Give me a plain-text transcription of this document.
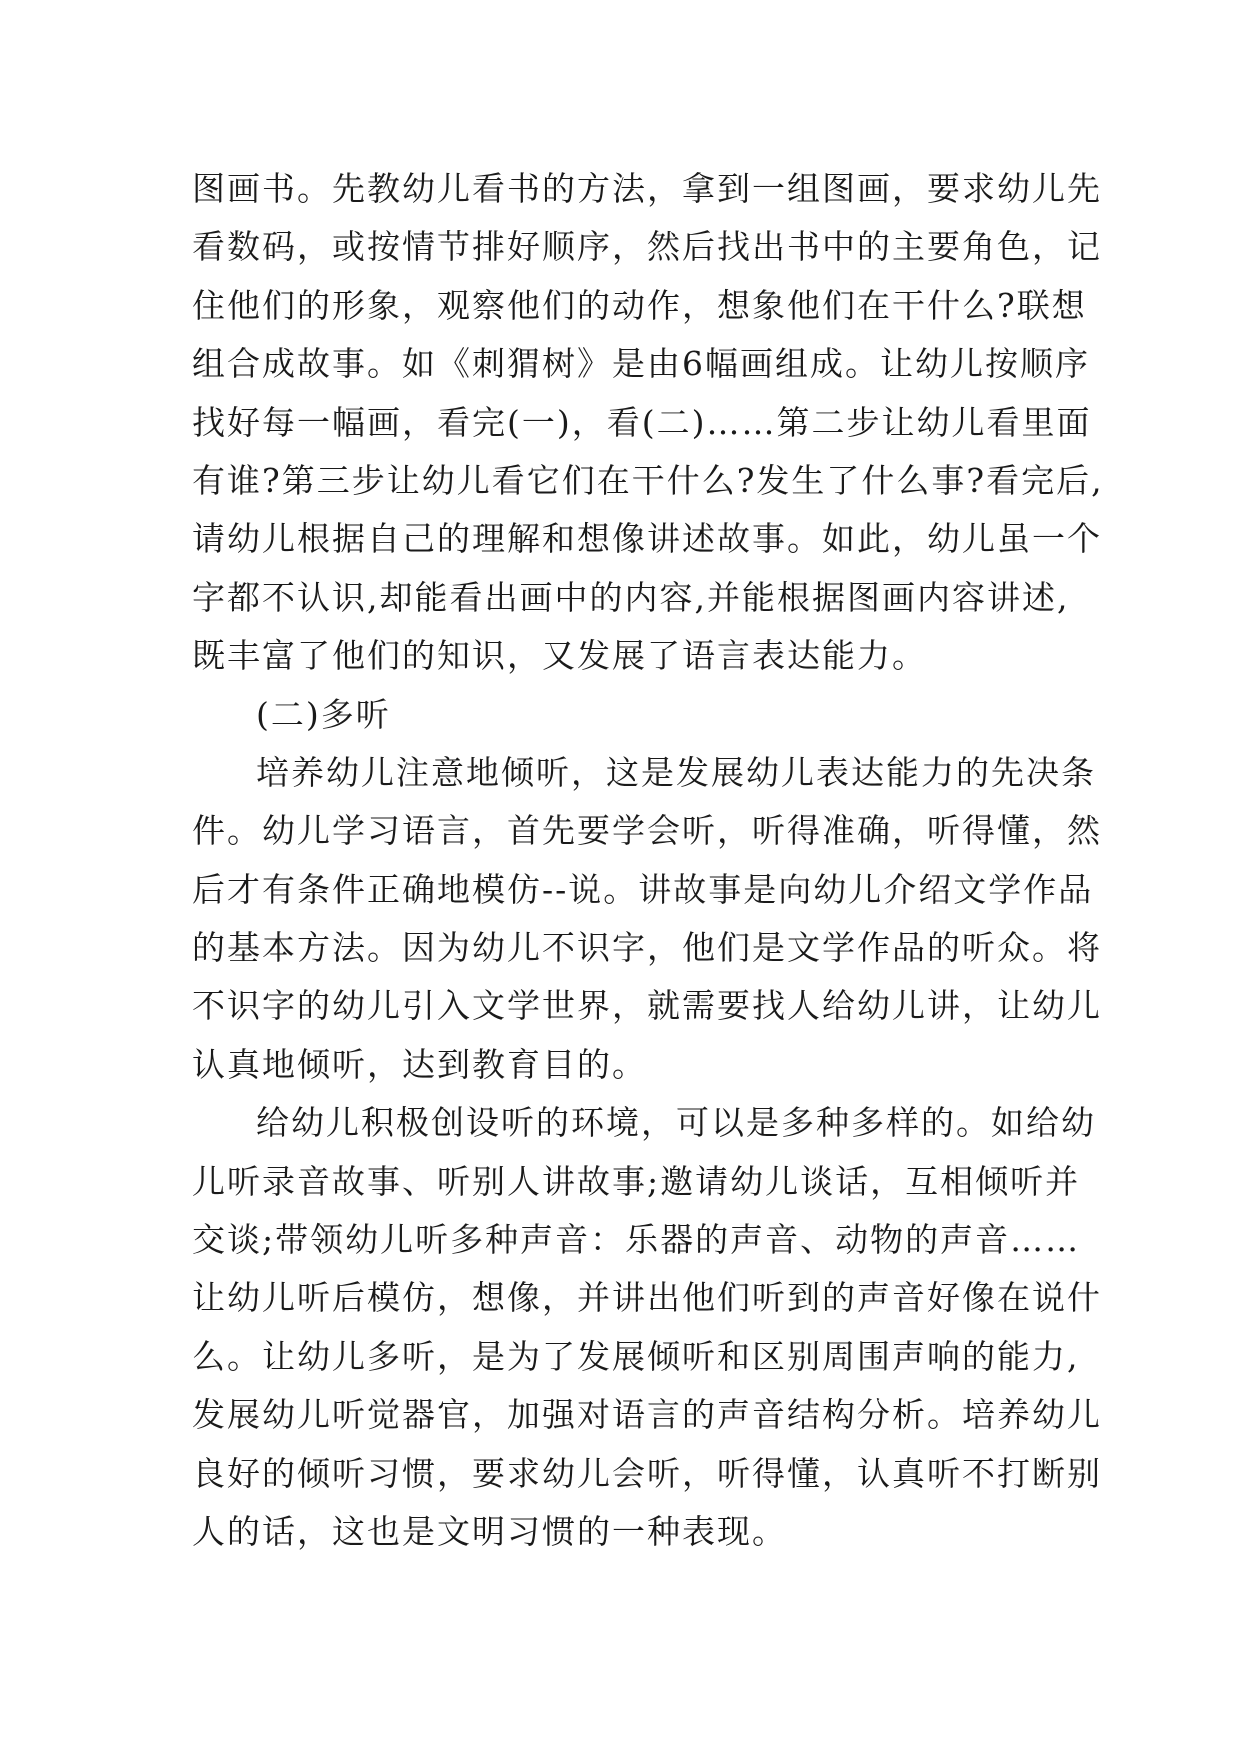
图画书。先教幼儿看书的方法，拿到一组图画，要求幼儿先
看数码，或按情节排好顺序，然后找出书中的主要角色，记
住他们的形象，观察他们的动作，想象他们在干什么?联想
组合成故事。如《刺猬树》是由6幅画组成。让幼儿按顺序
找好每一幅画，看完(一)，看(二)……第二步让幼儿看里面
有谁?第三步让幼儿看它们在干什么?发生了什么事?看完后,
请幼儿根据自己的理解和想像讲述故事。如此，幼儿虽一个
字都不认识,却能看出画中的内容,并能根据图画内容讲述,
既丰富了他们的知识，又发展了语言表达能力。
(二)多听
培养幼儿注意地倾听，这是发展幼儿表达能力的先决条
件。幼儿学习语言，首先要学会听，听得准确，听得懂，然
后才有条件正确地模仿--说。讲故事是向幼儿介绍文学作品
的基本方法。因为幼儿不识字，他们是文学作品的听众。将
不识字的幼儿引入文学世界，就需要找人给幼儿讲，让幼儿
认真地倾听，达到教育目的。
给幼儿积极创设听的环境，可以是多种多样的。如给幼
儿听录音故事、听别人讲故事;邀请幼儿谈话，互相倾听并
交谈;带领幼儿听多种声音：乐器的声音、动物的声音……
让幼儿听后模仿，想像，并讲出他们听到的声音好像在说什
么。让幼儿多听，是为了发展倾听和区别周围声响的能力,
发展幼儿听觉器官，加强对语言的声音结构分析。培养幼儿
良好的倾听习惯，要求幼儿会听，听得懂，认真听不打断别
人的话，这也是文明习惯的一种表现。
